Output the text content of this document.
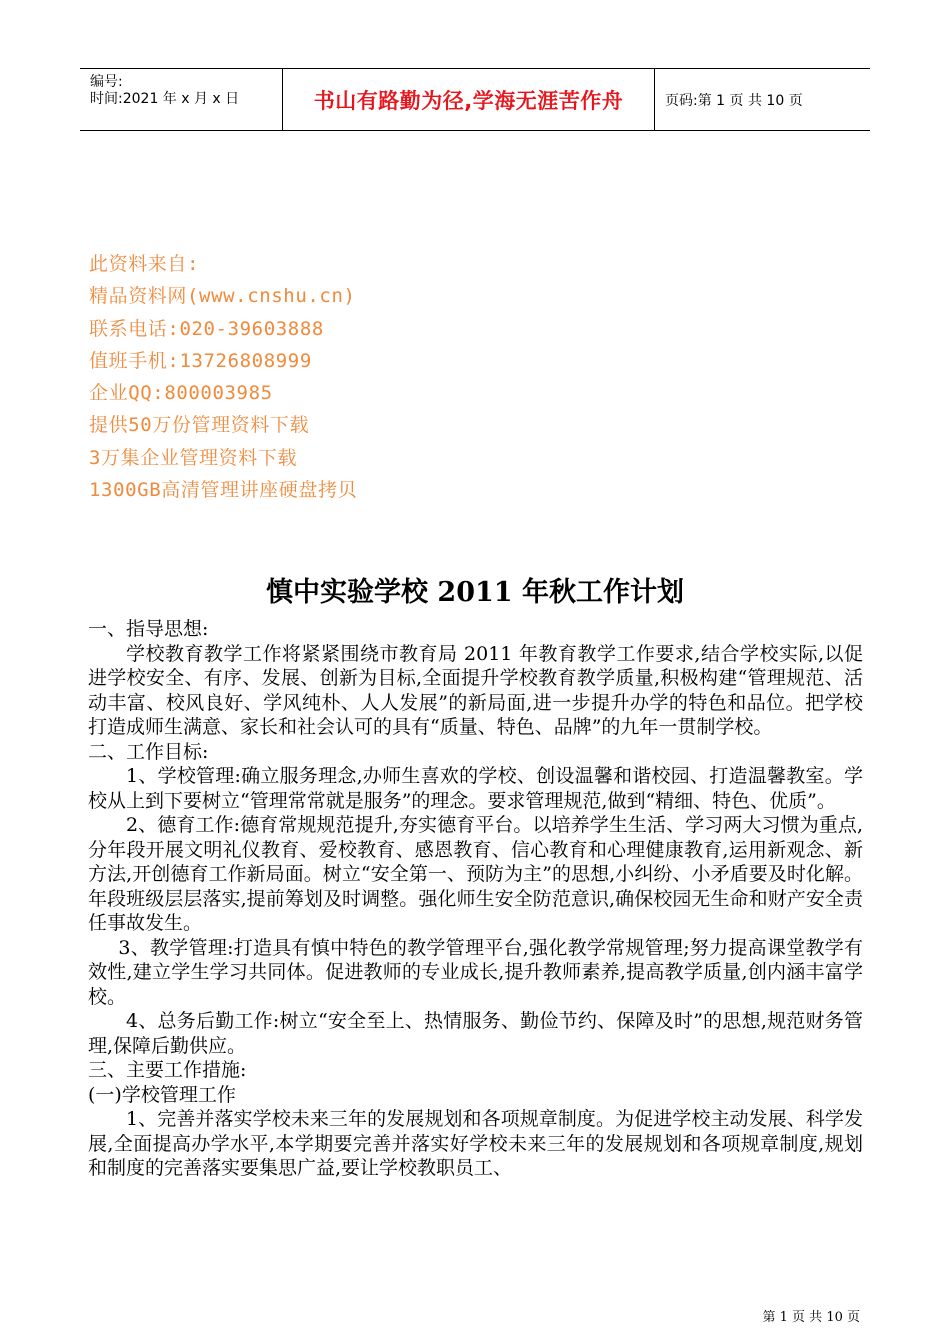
编号:
时间:2021 年 x 月 x 日	书山有路勤为径,学海无涯苦作舟	页码:第 1 页 共 10 页
此资料来自:
精品资料网(www.cnshu.cn)
联系电话:020-39603888
值班手机:13726808999
企业QQ:800003985
提供50万份管理资料下载
3万集企业管理资料下载
1300GB高清管理讲座硬盘拷贝
慎中实验学校 2011 年秋工作计划

一、指导思想:

学校教育教学工作将紧紧围绕市教育局 2011 年教育教学工作要求,结合学校实际,以促进学校安全、有序、发展、创新为目标,全面提升学校教育教学质量,积极构建“管理规范、活动丰富、校风良好、学风纯朴、人人发展”的新局面,进一步提升办学的特色和品位。把学校打造成师生满意、家长和社会认可的具有“质量、特色、品牌”的九年一贯制学校。

二、工作目标:

1、学校管理:确立服务理念,办师生喜欢的学校、创设温馨和谐校园、打造温馨教室。学校从上到下要树立“管理常常就是服务”的理念。要求管理规范,做到“精细、特色、优质”。

2、德育工作:德育常规规范提升,夯实德育平台。以培养学生生活、学习两大习惯为重点,分年段开展文明礼仪教育、爱校教育、感恩教育、信心教育和心理健康教育,运用新观念、新方法,开创德育工作新局面。树立“安全第一、预防为主”的思想,小纠纷、小矛盾要及时化解。年段班级层层落实,提前筹划及时调整。强化师生安全防范意识,确保校园无生命和财产安全责任事故发生。

3、教学管理:打造具有慎中特色的教学管理平台,强化教学常规管理;努力提高课堂教学有效性,建立学生学习共同体。促进教师的专业成长,提升教师素养,提高教学质量,创内涵丰富学校。

4、总务后勤工作:树立“安全至上、热情服务、勤俭节约、保障及时”的思想,规范财务管理,保障后勤供应。

三、主要工作措施:

(一)学校管理工作

1、完善并落实学校未来三年的发展规划和各项规章制度。为促进学校主动发展、科学发展,全面提高办学水平,本学期要完善并落实好学校未来三年的发展规划和各项规章制度,规划和制度的完善落实要集思广益,要让学校教职员工、

第 1 页 共 10 页
